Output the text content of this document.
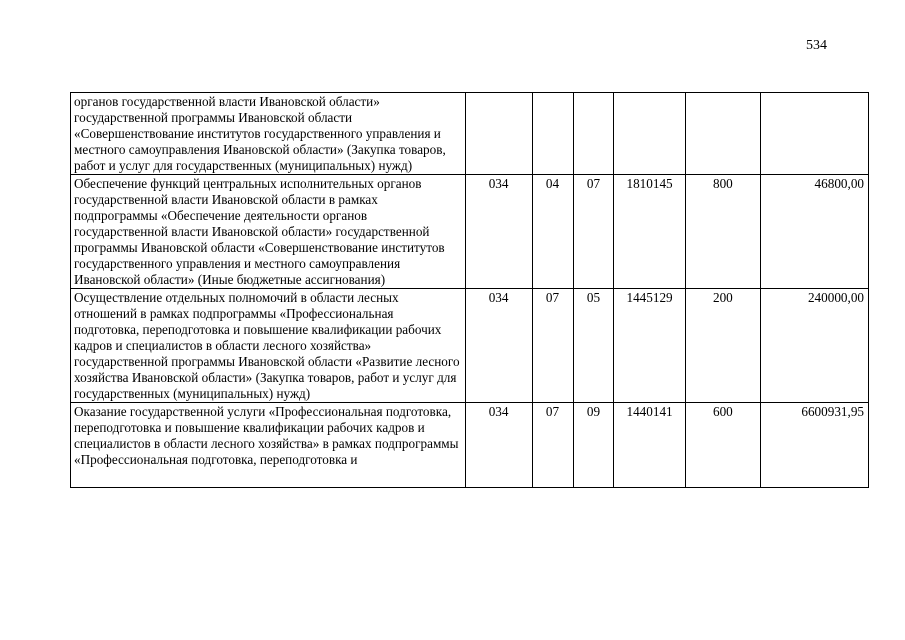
534
органов государственной власти Ивановской области» государственной программы Ивановской области «Совершенствование институтов государственного управления и местного самоуправления Ивановской области» (Закупка товаров, работ и услуг для государственных (муниципальных) нужд)						
Обеспечение функций центральных исполнительных органов государственной власти Ивановской области в рамках подпрограммы «Обеспечение деятельности органов государственной власти Ивановской области» государственной программы Ивановской области «Совершенствование институтов государственного управления и местного самоуправления Ивановской области» (Иные бюджетные ассигнования)	034	04	07	1810145	800	46800,00
Осуществление отдельных полномочий в области лесных отношений в рамках подпрограммы «Профессиональная подготовка, переподготовка и повышение квалификации рабочих кадров и специалистов в области лесного хозяйства» государственной программы Ивановской области «Развитие лесного хозяйства Ивановской области» (Закупка товаров, работ и услуг для государственных (муниципальных) нужд)	034	07	05	1445129	200	240000,00
Оказание государственной услуги «Профессиональная подготовка, переподготовка и повышение квалификации рабочих кадров и специалистов в области лесного хозяйства» в рамках подпрограммы «Профессиональная подготовка, переподготовка и	034	07	09	1440141	600	6600931,95
